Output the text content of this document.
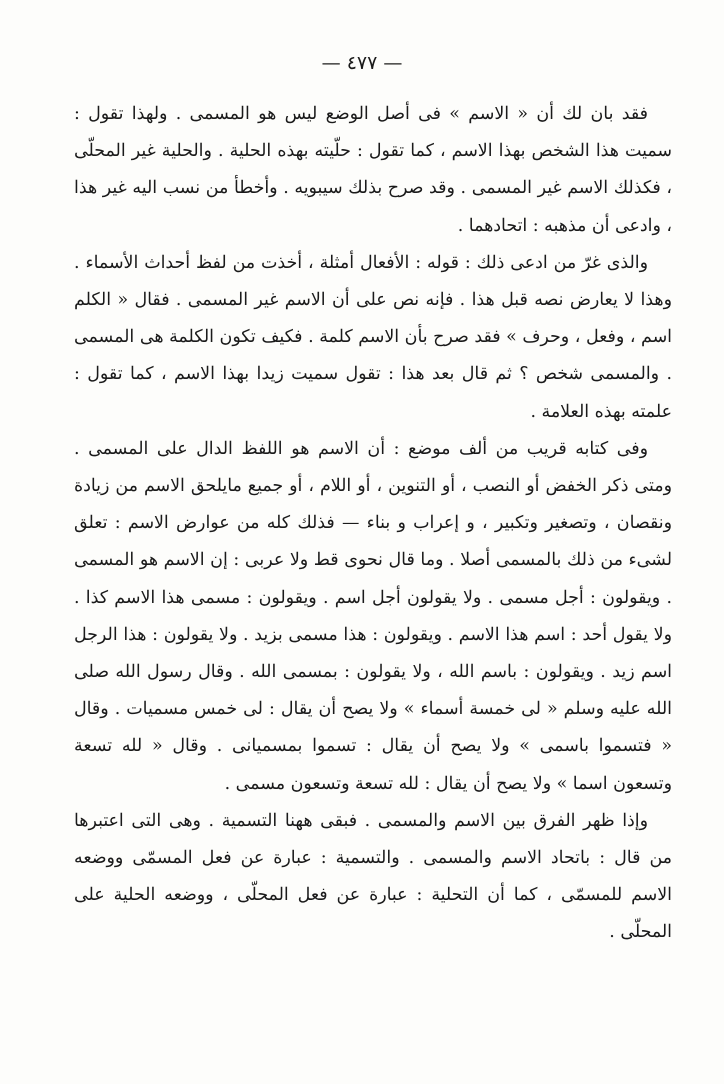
— ٤٧٧ —

فقد بان لك أن « الاسم » فى أصل الوضع ليس هو المسمى . ولهذا تقول : سميت هذا الشخص بهذا الاسم ، كما تقول : حلّيته بهذه الحلية . والحلية غير المحلّى ، فكذلك الاسم غير المسمى . وقد صرح بذلك سيبويه . وأخطأ من نسب اليه غير هذا ، وادعى أن مذهبه : اتحادهما .

والذى غرّ من ادعى ذلك : قوله : الأفعال أمثلة ، أخذت من لفظ أحداث الأسماء . وهذا لا يعارض نصه قبل هذا . فإنه نص على أن الاسم غير المسمى . فقال « الكلم اسم ، وفعل ، وحرف » فقد صرح بأن الاسم كلمة . فكيف تكون الكلمة هى المسمى . والمسمى شخص ؟ ثم قال بعد هذا : تقول سميت زيدا بهذا الاسم ، كما تقول : علمته بهذه العلامة .

وفى كتابه قريب من ألف موضع : أن الاسم هو اللفظ الدال على المسمى . ومتى ذكر الخفض أو النصب ، أو التنوين ، أو اللام ، أو جميع مايلحق الاسم من زيادة ونقصان ، وتصغير وتكبير ، و إعراب و بناء — فذلك كله من عوارض الاسم : تعلق لشىء من ذلك بالمسمى أصلا . وما قال نحوى قط ولا عربى : إن الاسم هو المسمى . ويقولون : أجل مسمى . ولا يقولون أجل اسم . ويقولون : مسمى هذا الاسم كذا . ولا يقول أحد : اسم هذا الاسم . ويقولون : هذا مسمى بزيد . ولا يقولون : هذا الرجل اسم زيد . ويقولون : باسم الله ، ولا يقولون : بمسمى الله . وقال رسول الله صلى الله عليه وسلم « لى خمسة أسماء » ولا يصح أن يقال : لى خمس مسميات . وقال « فتسموا باسمى » ولا يصح أن يقال : تسموا بمسميانى . وقال « لله تسعة وتسعون اسما » ولا يصح أن يقال : لله تسعة وتسعون مسمى .

وإذا ظهر الفرق بين الاسم والمسمى . فبقى ههنا التسمية . وهى التى اعتبرها من قال : باتحاد الاسم والمسمى . والتسمية : عبارة عن فعل المسمّى ووضعه الاسم للمسمّى ، كما أن التحلية : عبارة عن فعل المحلّى ، ووضعه الحلية على المحلّى .
